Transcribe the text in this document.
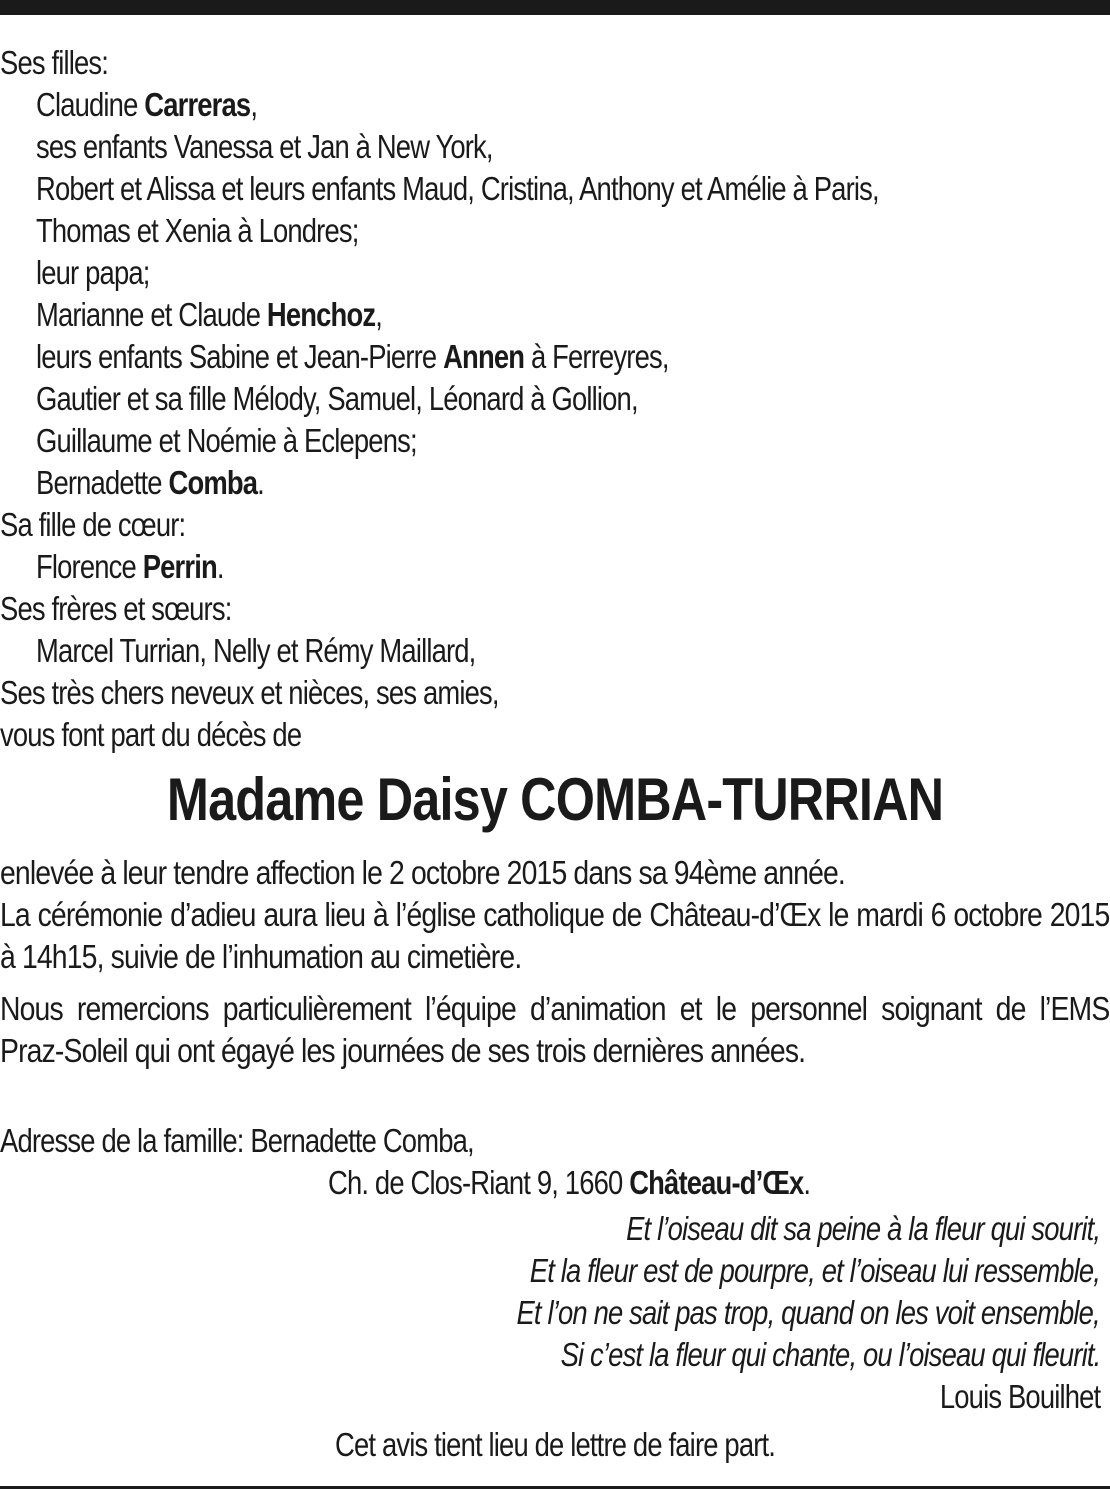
Ses filles:
Claudine Carreras,
ses enfants Vanessa et Jan à New York,
Robert et Alissa et leurs enfants Maud, Cristina, Anthony et Amélie à Paris,
Thomas et Xenia à Londres;
leur papa;
Marianne et Claude Henchoz,
leurs enfants Sabine et Jean-Pierre Annen à Ferreyres,
Gautier et sa fille Mélody, Samuel, Léonard à Gollion,
Guillaume et Noémie à Eclepens;
Bernadette Comba.
Sa fille de cœur:
Florence Perrin.
Ses frères et sœurs:
Marcel Turrian, Nelly et Rémy Maillard,
Ses très chers neveux et nièces, ses amies,
vous font part du décès de
Madame Daisy COMBA-TURRIAN
enlevée à leur tendre affection le 2 octobre 2015 dans sa 94ème année.
La cérémonie d’adieu aura lieu à l’église catholique de Château-d’Œx le mardi 6 octobre 2015 à 14h15, suivie de l’inhumation au cimetière.
Nous remercions particulièrement l’équipe d’animation et le personnel soignant de l’EMS Praz-Soleil qui ont égayé les journées de ses trois dernières années.
Adresse de la famille: Bernadette Comba,
Ch. de Clos-Riant 9, 1660 Château-d’Œx.
Et l’oiseau dit sa peine à la fleur qui sourit,
Et la fleur est de pourpre, et l’oiseau lui ressemble,
Et l’on ne sait pas trop, quand on les voit ensemble,
Si c’est la fleur qui chante, ou l’oiseau qui fleurit.
Louis Bouilhet
Cet avis tient lieu de lettre de faire part.
